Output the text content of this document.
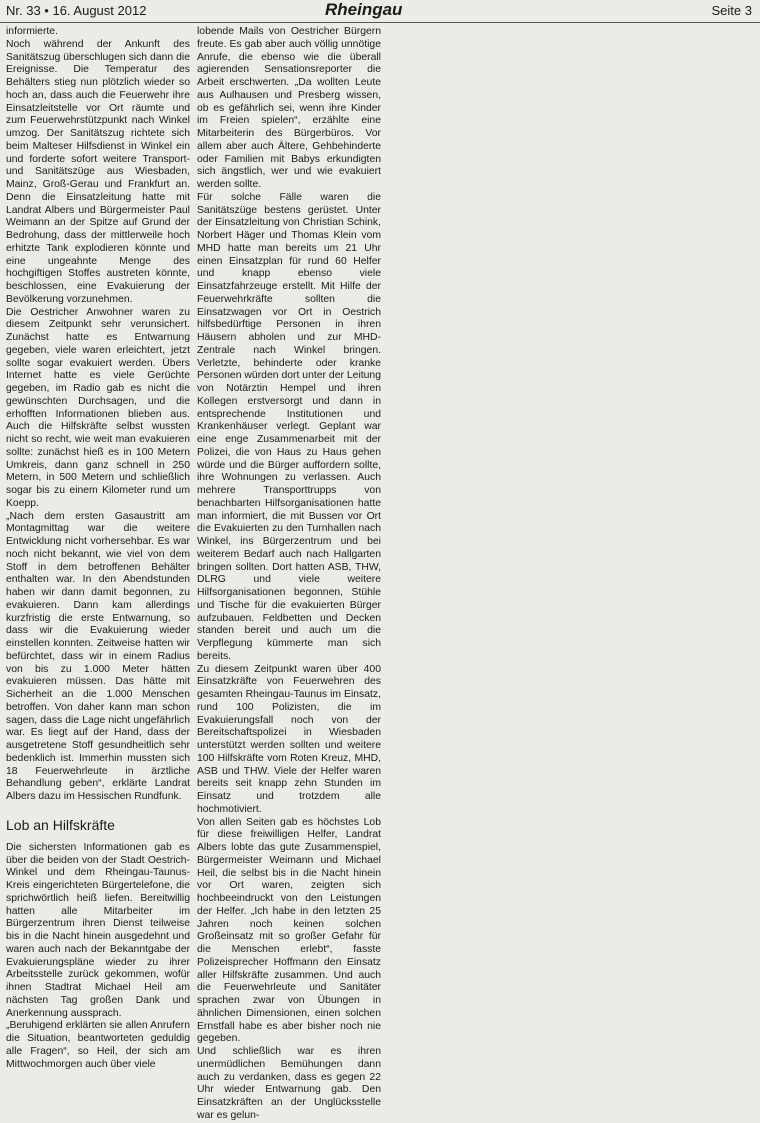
Nr. 33 • 16. August 2012	Rheingau	Seite 3

informierte.

Noch während der Ankunft des Sanitätszug überschlugen sich dann die Ereignisse. Die Temperatur des Behälters stieg nun plötzlich wieder so hoch an, dass auch die Feuerwehr ihre Einsatzleitstelle vor Ort räumte und zum Feuerwehrstützpunkt nach Winkel umzog. Der Sanitätszug richtete sich beim Malteser Hilfsdienst in Winkel ein und forderte sofort weitere Transport- und Sanitätszüge aus Wiesbaden, Mainz, Groß-Gerau und Frankfurt an. Denn die Einsatzleitung hatte mit Landrat Albers und Bürgermeister Paul Weimann an der Spitze auf Grund der Bedrohung, dass der mittlerweile hoch erhitzte Tank explodieren könnte und eine ungeahnte Menge des hochgiftigen Stoffes austreten könnte, beschlossen, eine Evakuierung der Bevölkerung vorzunehmen.

Die Oestricher Anwohner waren zu diesem Zeitpunkt sehr verunsichert. Zunächst hatte es Entwarnung gegeben, viele waren erleichtert, jetzt sollte sogar evakuiert werden. Übers Internet hatte es viele Gerüchte gegeben, im Radio gab es nicht die gewünschten Durchsagen, und die erhofften Informationen blieben aus. Auch die Hilfskräfte selbst wussten nicht so recht, wie weit man evakuieren sollte: zunächst hieß es in 100 Metern Umkreis, dann ganz schnell in 250 Metern, in 500 Metern und schließlich sogar bis zu einem Kilometer rund um Koepp.

„Nach dem ersten Gasaustritt am Montagmittag war die weitere Entwicklung nicht vorhersehbar. Es war noch nicht bekannt, wie viel von dem Stoff in dem betroffenen Behälter enthalten war. In den Abendstunden haben wir dann damit begonnen, zu evakuieren. Dann kam allerdings kurzfristig die erste Entwarnung, so dass wir die Evakuierung wieder einstellen konnten. Zeitweise hatten wir befürchtet, dass wir in einem Radius von bis zu 1.000 Meter hätten evakuieren müssen. Das hätte mit Sicherheit an die 1.000 Menschen betroffen. Von daher kann man schon sagen, dass die Lage nicht ungefährlich war. Es liegt auf der Hand, dass der ausgetretene Stoff gesundheitlich sehr bedenklich ist. Immerhin mussten sich 18 Feuerwehrleute in ärztliche Behandlung geben“, erklärte Landrat Albers dazu im Hessischen Rundfunk.

Lob an Hilfskräfte

Die sichersten Informationen gab es über die beiden von der Stadt Oestrich-Winkel und dem Rheingau-Taunus-Kreis eingerichteten Bürgertelefone, die sprichwörtlich heiß liefen. Bereitwillig hatten alle Mitarbeiter im Bürgerzentrum ihren Dienst teilweise bis in die Nacht hinein ausgedehnt und waren auch nach der Bekanntgabe der Evakuierungspläne wieder zu ihrer Arbeitsstelle zurück gekommen, wofür ihnen Stadtrat Michael Heil am nächsten Tag großen Dank und Anerkennung aussprach.

„Beruhigend erklärten sie allen Anrufern die Situation, beantworteten geduldig alle Fragen“, so Heil, der sich am Mittwochmorgen auch über viele

lobende Mails von Oestricher Bürgern freute. Es gab aber auch völlig unnötige Anrufe, die ebenso wie die überall agierenden Sensationsreporter die Arbeit erschwerten. „Da wollten Leute aus Aulhausen und Presberg wissen, ob es gefährlich sei, wenn ihre Kinder im Freien spielen“, erzählte eine Mitarbeiterin des Bürgerbüros. Vor allem aber auch Ältere, Gehbehinderte oder Familien mit Babys erkundigten sich ängstlich, wer und wie evakuiert werden sollte.

Für solche Fälle waren die Sanitätszüge bestens gerüstet. Unter der Einsatzleitung von Christian Schink, Norbert Häger und Thomas Klein vom MHD hatte man bereits um 21 Uhr einen Einsatzplan für rund 60 Helfer und knapp ebenso viele Einsatzfahrzeuge erstellt. Mit Hilfe der Feuerwehrkräfte sollten die Einsatzwagen vor Ort in Oestrich hilfsbedürftige Personen in ihren Häusern abholen und zur MHD-Zentrale nach Winkel bringen. Verletzte, behinderte oder kranke Personen würden dort unter der Leitung von Notärztin Hempel und ihren Kollegen erstversorgt und dann in entsprechende Institutionen und Krankenhäuser verlegt. Geplant war eine enge Zusammenarbeit mit der Polizei, die von Haus zu Haus gehen würde und die Bürger auffordern sollte, ihre Wohnungen zu verlassen. Auch mehrere Transporttrupps von benachbarten Hilfsorganisationen hatte man informiert, die mit Bussen vor Ort die Evakuierten zu den Turnhallen nach Winkel, ins Bürgerzentrum und bei weiterem Bedarf auch nach Hallgarten bringen sollten. Dort hatten ASB, THW, DLRG und viele weitere Hilfsorganisationen begonnen, Stühle und Tische für die evakuierten Bürger aufzubauen. Feldbetten und Decken standen bereit und auch um die Verpflegung kümmerte man sich bereits.

Zu diesem Zeitpunkt waren über 400 Einsatzkräfte von Feuerwehren des gesamten Rheingau-Taunus im Einsatz, rund 100 Polizisten, die im Evakuierungsfall noch von der Bereitschaftspolizei in Wiesbaden unterstützt werden sollten und weitere 100 Hilfskräfte vom Roten Kreuz, MHD, ASB und THW. Viele der Helfer waren bereits seit knapp zehn Stunden im Einsatz und trotzdem alle hochmotiviert.

Von allen Seiten gab es höchstes Lob für diese freiwilligen Helfer, Landrat Albers lobte das gute Zusammenspiel, Bürgermeister Weimann und Michael Heil, die selbst bis in die Nacht hinein vor Ort waren, zeigten sich hochbeeindruckt von den Leistungen der Helfer. „Ich habe in den letzten 25 Jahren noch keinen solchen Großeinsatz mit so großer Gefahr für die Menschen erlebt“, fasste Polizeisprecher Hoffmann den Einsatz aller Hilfskräfte zusammen. Und auch die Feuerwehrleute und Sanitäter sprachen zwar von Übungen in ähnlichen Dimensionen, einen solchen Ernstfall habe es aber bisher noch nie gegeben.

Und schließlich war es ihren unermüdlichen Bemühungen dann auch zu verdanken, dass es gegen 22 Uhr wieder Entwarnung gab. Den Einsatzkräften an der Unglücksstelle war es gelun-
